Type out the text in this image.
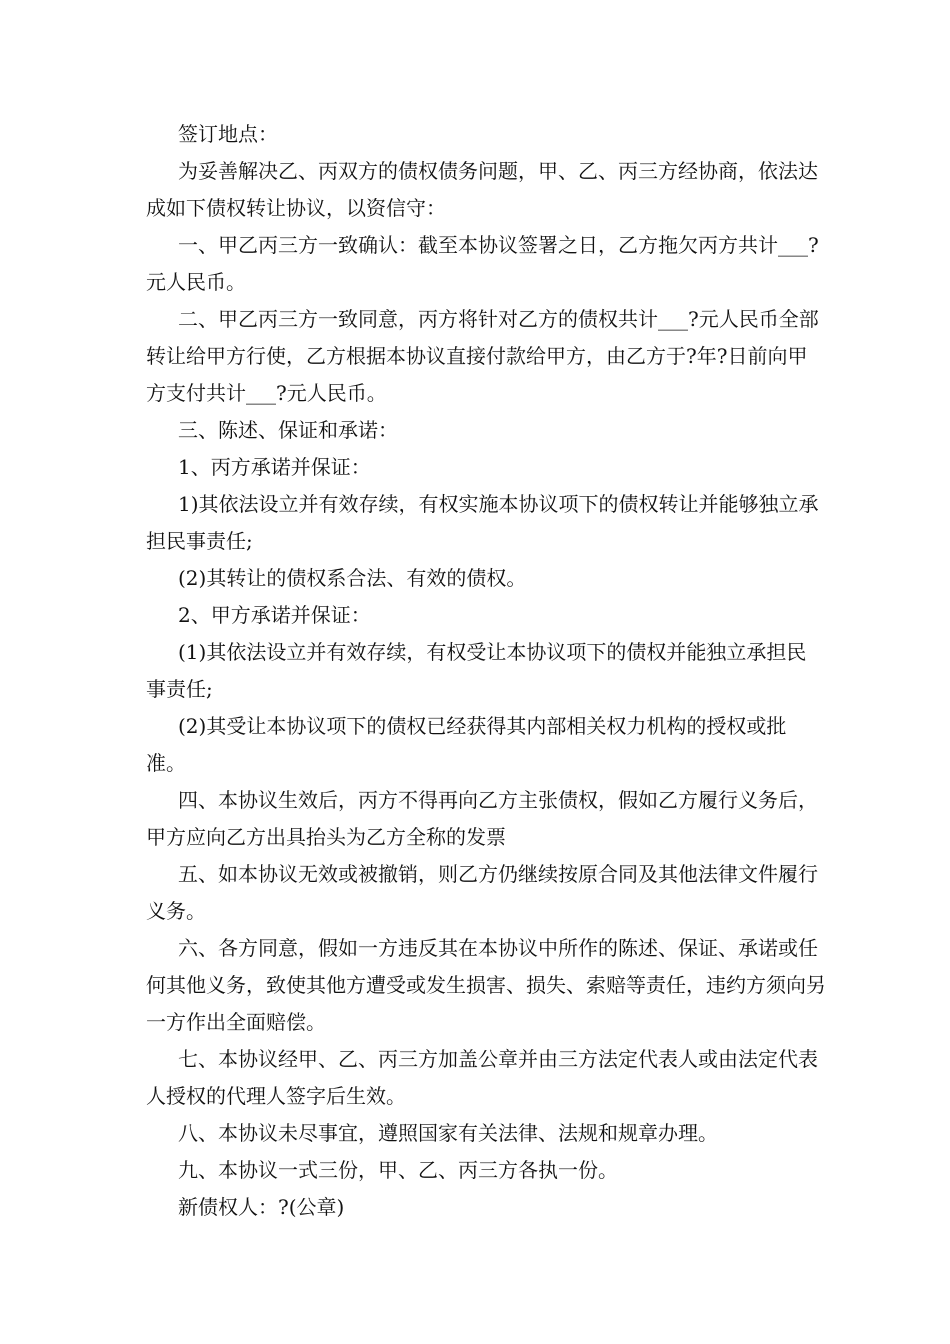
签订地点：

为妥善解决乙、丙双方的债权债务问题，甲、乙、丙三方经协商，依法达成如下债权转让协议，以资信守：

一、甲乙丙三方一致确认：截至本协议签署之日，乙方拖欠丙方共计___?元人民币。

二、甲乙丙三方一致同意，丙方将针对乙方的债权共计___?元人民币全部转让给甲方行使，乙方根据本协议直接付款给甲方，由乙方于?年?日前向甲方支付共计___?元人民币。

三、陈述、保证和承诺：

1、丙方承诺并保证：

1)其依法设立并有效存续，有权实施本协议项下的债权转让并能够独立承担民事责任;

(2)其转让的债权系合法、有效的债权。

2、甲方承诺并保证：

(1)其依法设立并有效存续，有权受让本协议项下的债权并能独立承担民事责任;

(2)其受让本协议项下的债权已经获得其内部相关权力机构的授权或批准。

四、本协议生效后，丙方不得再向乙方主张债权，假如乙方履行义务后，甲方应向乙方出具抬头为乙方全称的发票

五、如本协议无效或被撤销，则乙方仍继续按原合同及其他法律文件履行义务。

六、各方同意，假如一方违反其在本协议中所作的陈述、保证、承诺或任何其他义务，致使其他方遭受或发生损害、损失、索赔等责任，违约方须向另一方作出全面赔偿。

七、本协议经甲、乙、丙三方加盖公章并由三方法定代表人或由法定代表人授权的代理人签字后生效。

八、本协议未尽事宜，遵照国家有关法律、法规和规章办理。

九、本协议一式三份，甲、乙、丙三方各执一份。

新债权人：?(公章)
